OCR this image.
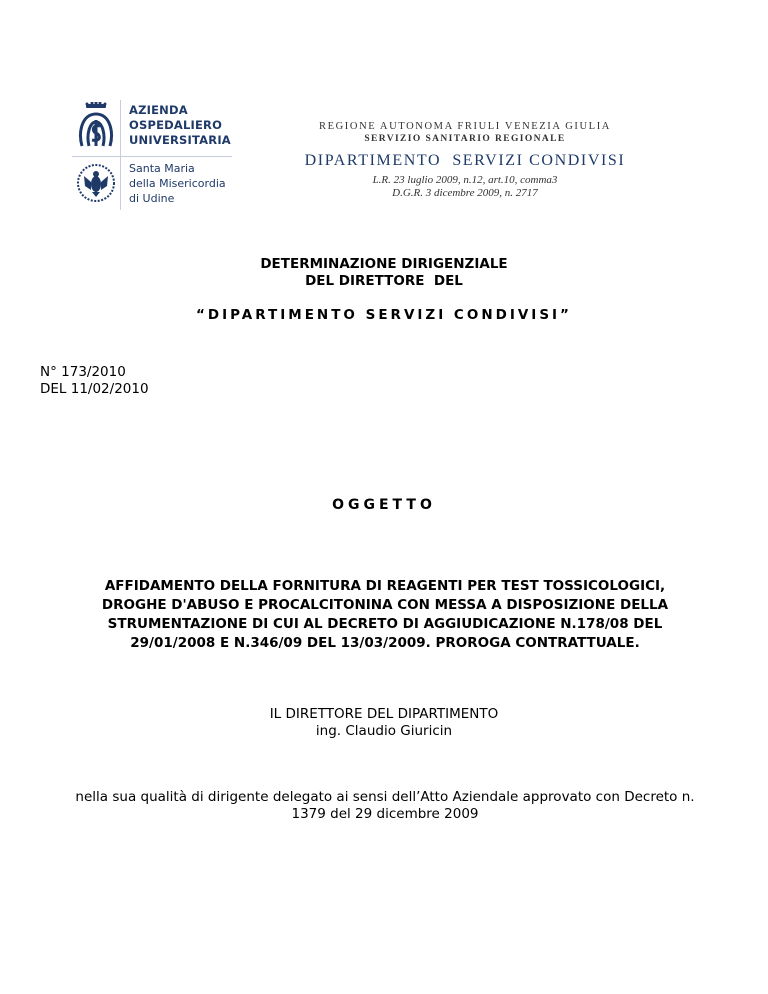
AZIENDA
OSPEDALIERO
UNIVERSITARIA
Santa Maria
della Misericordia
di Udine
REGIONE AUTONOMA FRIULI VENEZIA GIULIA
SERVIZIO SANITARIO REGIONALE
DIPARTIMENTO  SERVIZI CONDIVISI
L.R. 23 luglio 2009, n.12, art.10, comma3
D.G.R. 3 dicembre 2009, n. 2717
DETERMINAZIONE DIRIGENZIALE
DEL DIRETTORE  DEL
“DIPARTIMENTO SERVIZI CONDIVISI”
N° 173/2010
DEL 11/02/2010
OGGETTO
AFFIDAMENTO DELLA FORNITURA DI REAGENTI PER TEST TOSSICOLOGICI,
DROGHE D'ABUSO E PROCALCITONINA CON MESSA A DISPOSIZIONE DELLA
STRUMENTAZIONE DI CUI AL DECRETO DI AGGIUDICAZIONE N.178/08 DEL
29/01/2008 E N.346/09 DEL 13/03/2009. PROROGA CONTRATTUALE.
IL DIRETTORE DEL DIPARTIMENTO
ing. Claudio Giuricin
nella sua qualità di dirigente delegato ai sensi dell’Atto Aziendale approvato con Decreto n.
1379 del 29 dicembre 2009
